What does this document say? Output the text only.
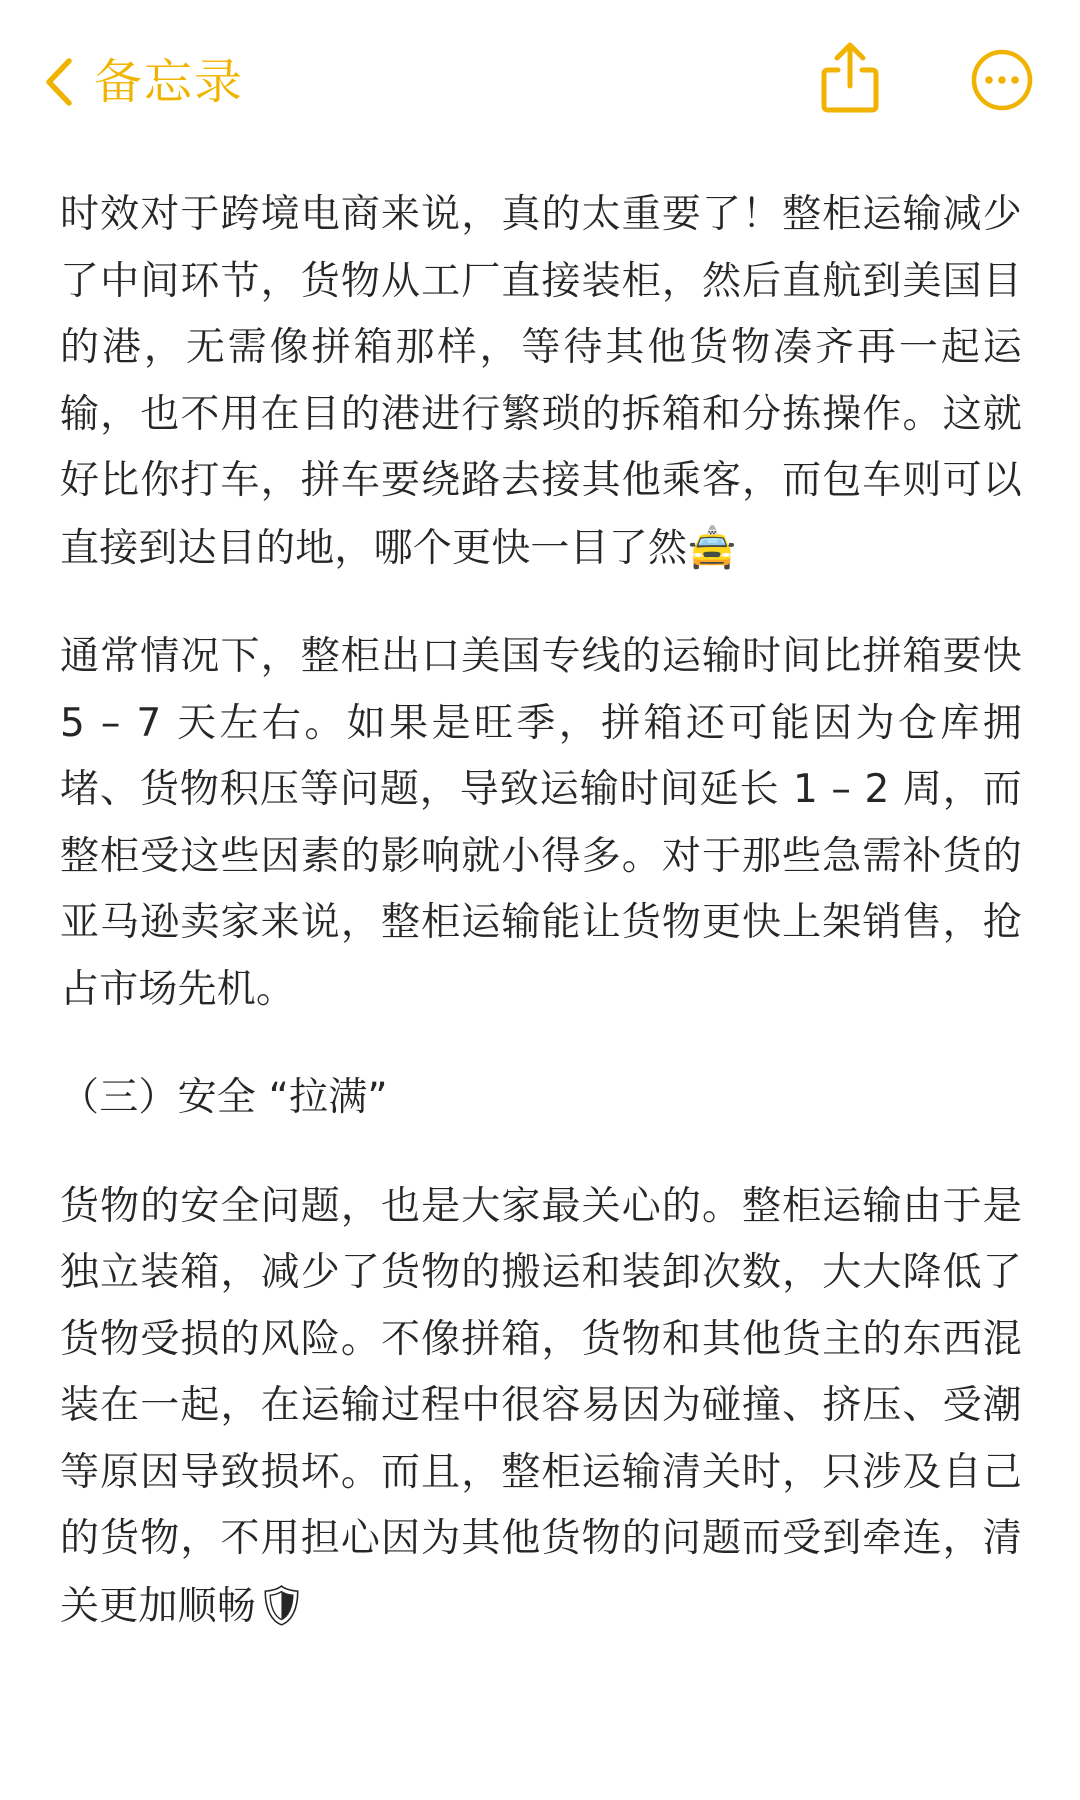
备忘录

时效对于跨境电商来说，真的太重要了！整柜运输减少了中间环节，货物从工厂直接装柜，然后直航到美国目的港，无需像拼箱那样，等待其他货物凑齐再一起运输，也不用在目的港进行繁琐的拆箱和分拣操作。这就好比你打车，拼车要绕路去接其他乘客，而包车则可以直接到达目的地，哪个更快一目了然🚖

通常情况下，整柜出口美国专线的运输时间比拼箱要快 5 – 7 天左右。如果是旺季，拼箱还可能因为仓库拥堵、货物积压等问题，导致运输时间延长 1 – 2 周，而整柜受这些因素的影响就小得多。对于那些急需补货的亚马逊卖家来说，整柜运输能让货物更快上架销售，抢占市场先机。

（三）安全 “拉满”

货物的安全问题，也是大家最关心的。整柜运输由于是独立装箱，减少了货物的搬运和装卸次数，大大降低了货物受损的风险。不像拼箱，货物和其他货主的东西混装在一起，在运输过程中很容易因为碰撞、挤压、受潮等原因导致损坏。而且，整柜运输清关时，只涉及自己的货物，不用担心因为其他货物的问题而受到牵连，清关更加顺畅🛡
